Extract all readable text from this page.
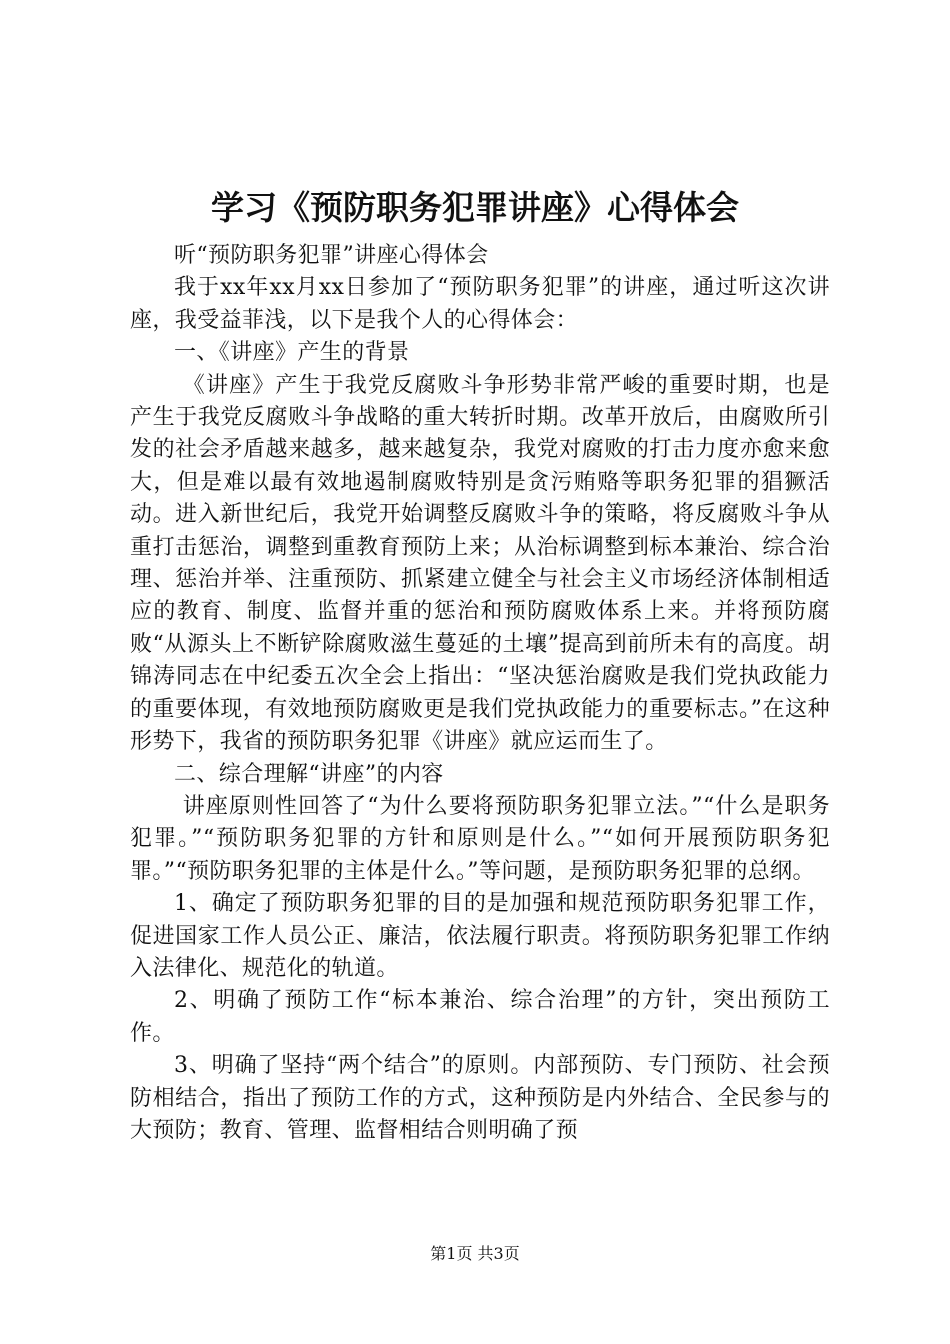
学习《预防职务犯罪讲座》心得体会

听“预防职务犯罪”讲座心得体会

我于xx年xx月xx日参加了“预防职务犯罪”的讲座，通过听这次讲座，我受益菲浅，以下是我个人的心得体会：

一、《讲座》产生的背景

《讲座》产生于我党反腐败斗争形势非常严峻的重要时期，也是产生于我党反腐败斗争战略的重大转折时期。改革开放后，由腐败所引发的社会矛盾越来越多，越来越复杂，我党对腐败的打击力度亦愈来愈大，但是难以最有效地遏制腐败特别是贪污贿赂等职务犯罪的猖獗活动。进入新世纪后，我党开始调整反腐败斗争的策略，将反腐败斗争从重打击惩治，调整到重教育预防上来；从治标调整到标本兼治、综合治理、惩治并举、注重预防、抓紧建立健全与社会主义市场经济体制相适应的教育、制度、监督并重的惩治和预防腐败体系上来。并将预防腐败“从源头上不断铲除腐败滋生蔓延的土壤”提高到前所未有的高度。胡锦涛同志在中纪委五次全会上指出：“坚决惩治腐败是我们党执政能力的重要体现，有效地预防腐败更是我们党执政能力的重要标志。”在这种形势下，我省的预防职务犯罪《讲座》就应运而生了。

二、综合理解“讲座”的内容

讲座原则性回答了“为什么要将预防职务犯罪立法。”“什么是职务犯罪。”“预防职务犯罪的方针和原则是什么。”“如何开展预防职务犯罪。”“预防职务犯罪的主体是什么。”等问题，是预防职务犯罪的总纲。

1、确定了预防职务犯罪的目的是加强和规范预防职务犯罪工作，促进国家工作人员公正、廉洁，依法履行职责。将预防职务犯罪工作纳入法律化、规范化的轨道。

2、明确了预防工作“标本兼治、综合治理”的方针，突出预防工作。

3、明确了坚持“两个结合”的原则。内部预防、专门预防、社会预防相结合，指出了预防工作的方式，这种预防是内外结合、全民参与的大预防；教育、管理、监督相结合则明确了预

第1页 共3页
